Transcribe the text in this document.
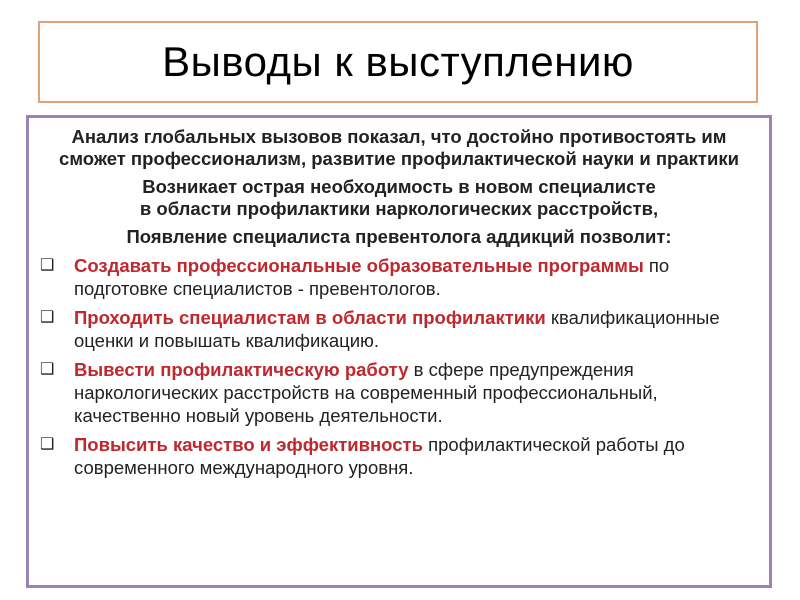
Выводы к выступлению

Анализ глобальных вызовов показал, что достойно противостоять им сможет профессионализм, развитие профилактической науки и практики

Возникает острая необходимость в новом специалисте

в области профилактики наркологических расстройств,

Появление специалиста превентолога аддикций позволит:

❑ Создавать профессиональные образовательные программы по подготовке специалистов - превентологов.
❑ Проходить специалистам в области профилактики квалификационные оценки и повышать квалификацию.
❑ Вывести профилактическую работу в сфере предупреждения наркологических расстройств на современный профессиональный, качественно новый уровень деятельности.
❑ Повысить качество и эффективность профилактической работы до современного международного уровня.
